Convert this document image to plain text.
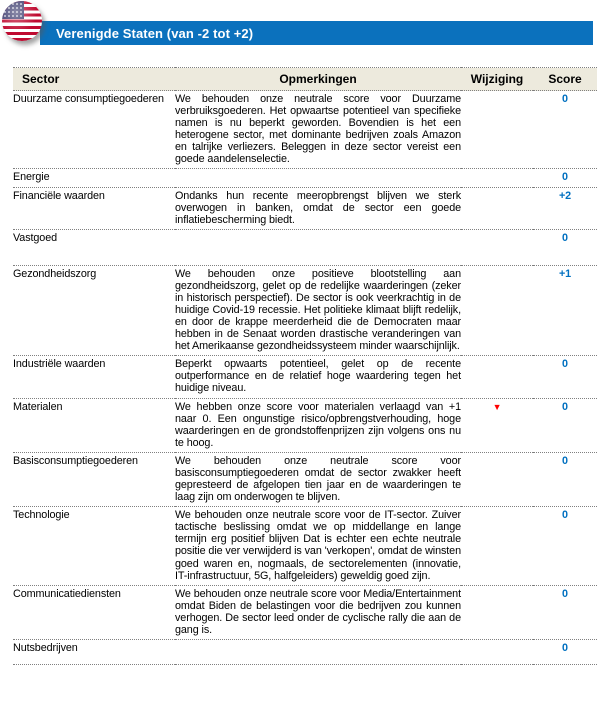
Verenigde Staten (van -2 tot +2)
Sector	Opmerkingen	Wijziging	Score
Duurzame consumptiegoederen	We behouden onze neutrale score voor Duurzame verbruiksgoederen. Het opwaartse potentieel van specifieke namen is nu beperkt geworden. Bovendien is het een heterogene sector, met dominante bedrijven zoals Amazon en talrijke verliezers. Beleggen in deze sector vereist een goede aandelenselectie.		0
Energie			0
Financiële waarden	Ondanks hun recente meeropbrengst blijven we sterk overwogen in banken, omdat de sector een goede inflatiebescherming biedt.		+2
Vastgoed			0
Gezondheidszorg	We behouden onze positieve blootstelling aan gezondheidszorg, gelet op de redelijke waarderingen (zeker in historisch perspectief). De sector is ook veerkrachtig in de huidige Covid-19 recessie. Het politieke klimaat blijft redelijk, en door de krappe meerderheid die de Democraten maar hebben in de Senaat worden drastische veranderingen van het Amerikaanse gezondheidssysteem minder waarschijnlijk.		+1
Industriële waarden	Beperkt opwaarts potentieel, gelet op de recente outperformance en de relatief hoge waardering tegen het huidige niveau.		0
Materialen	We hebben onze score voor materialen verlaagd van +1 naar 0. Een ongunstige risico/opbrengstverhouding, hoge waarderingen en de grondstoffenprijzen zijn volgens ons nu te hoog.	▼	0
Basisconsumptiegoederen	We behouden onze neutrale score voor basisconsumptiegoederen omdat de sector zwakker heeft gepresteerd de afgelopen tien jaar en de waarderingen te laag zijn om onderwogen te blijven.		0
Technologie	We behouden onze neutrale score voor de IT-sector. Zuiver tactische beslissing omdat we op middellange en lange termijn erg positief blijven Dat is echter een echte neutrale positie die ver verwijderd is van 'verkopen', omdat de winsten goed waren en, nogmaals, de sectorelementen (innovatie, IT-infrastructuur, 5G, halfgeleiders) geweldig goed zijn.		0
Communicatiediensten	We behouden onze neutrale score voor Media/Entertainment omdat Biden de belastingen voor die bedrijven zou kunnen verhogen. De sector leed onder de cyclische rally die aan de gang is.		0
Nutsbedrijven			0
